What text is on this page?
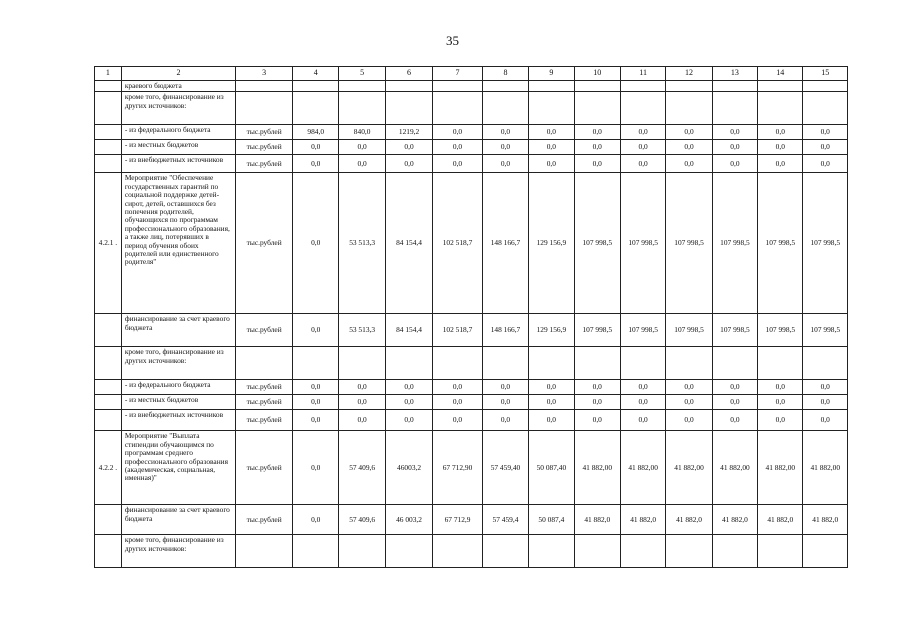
35
1	2	3	4	5	6	7	8	9	10	11	12	13	14	15
	краевого бюджета													
	кроме того, финансирование из других источников:													
	- из федерального бюджета	тыс.рублей	984,0	840,0	1219,2	0,0	0,0	0,0	0,0	0,0	0,0	0,0	0,0	0,0
	- из местных бюджетов	тыс.рублей	0,0	0,0	0,0	0,0	0,0	0,0	0,0	0,0	0,0	0,0	0,0	0,0
	- из внебюджетных источников	тыс.рублей	0,0	0,0	0,0	0,0	0,0	0,0	0,0	0,0	0,0	0,0	0,0	0,0
4.2.1 .	Мероприятие "Обеспечение государственных гарантий по социальной поддержке детей-сирот, детей, оставшихся без попечения родителей, обучающихся по программам профессионального образования, а также лиц, потерявших в период обучения обоих родителей или единственного родителя"	тыс.рублей	0,0	53 513,3	84 154,4	102 518,7	148 166,7	129 156,9	107 998,5	107 998,5	107 998,5	107 998,5	107 998,5	107 998,5
	финансирование за счет краевого бюджета	тыс.рублей	0,0	53 513,3	84 154,4	102 518,7	148 166,7	129 156,9	107 998,5	107 998,5	107 998,5	107 998,5	107 998,5	107 998,5
	кроме того, финансирование из других источников:													
	- из федерального бюджета	тыс.рублей	0,0	0,0	0,0	0,0	0,0	0,0	0,0	0,0	0,0	0,0	0,0	0,0
	- из местных бюджетов	тыс.рублей	0,0	0,0	0,0	0,0	0,0	0,0	0,0	0,0	0,0	0,0	0,0	0,0
	- из внебюджетных источников	тыс.рублей	0,0	0,0	0,0	0,0	0,0	0,0	0,0	0,0	0,0	0,0	0,0	0,0
4.2.2 .	Мероприятие "Выплата стипендии обучающимся по программам среднего профессионального образования (академическая, социальная, именная)"	тыс.рублей	0,0	57 409,6	46003,2	67 712,90	57 459,40	50 087,40	41 882,00	41 882,00	41 882,00	41 882,00	41 882,00	41 882,00
	финансирование за счет краевого бюджета	тыс.рублей	0,0	57 409,6	46 003,2	67 712,9	57 459,4	50 087,4	41 882,0	41 882,0	41 882,0	41 882,0	41 882,0	41 882,0
	кроме того, финансирование из других источников:													
